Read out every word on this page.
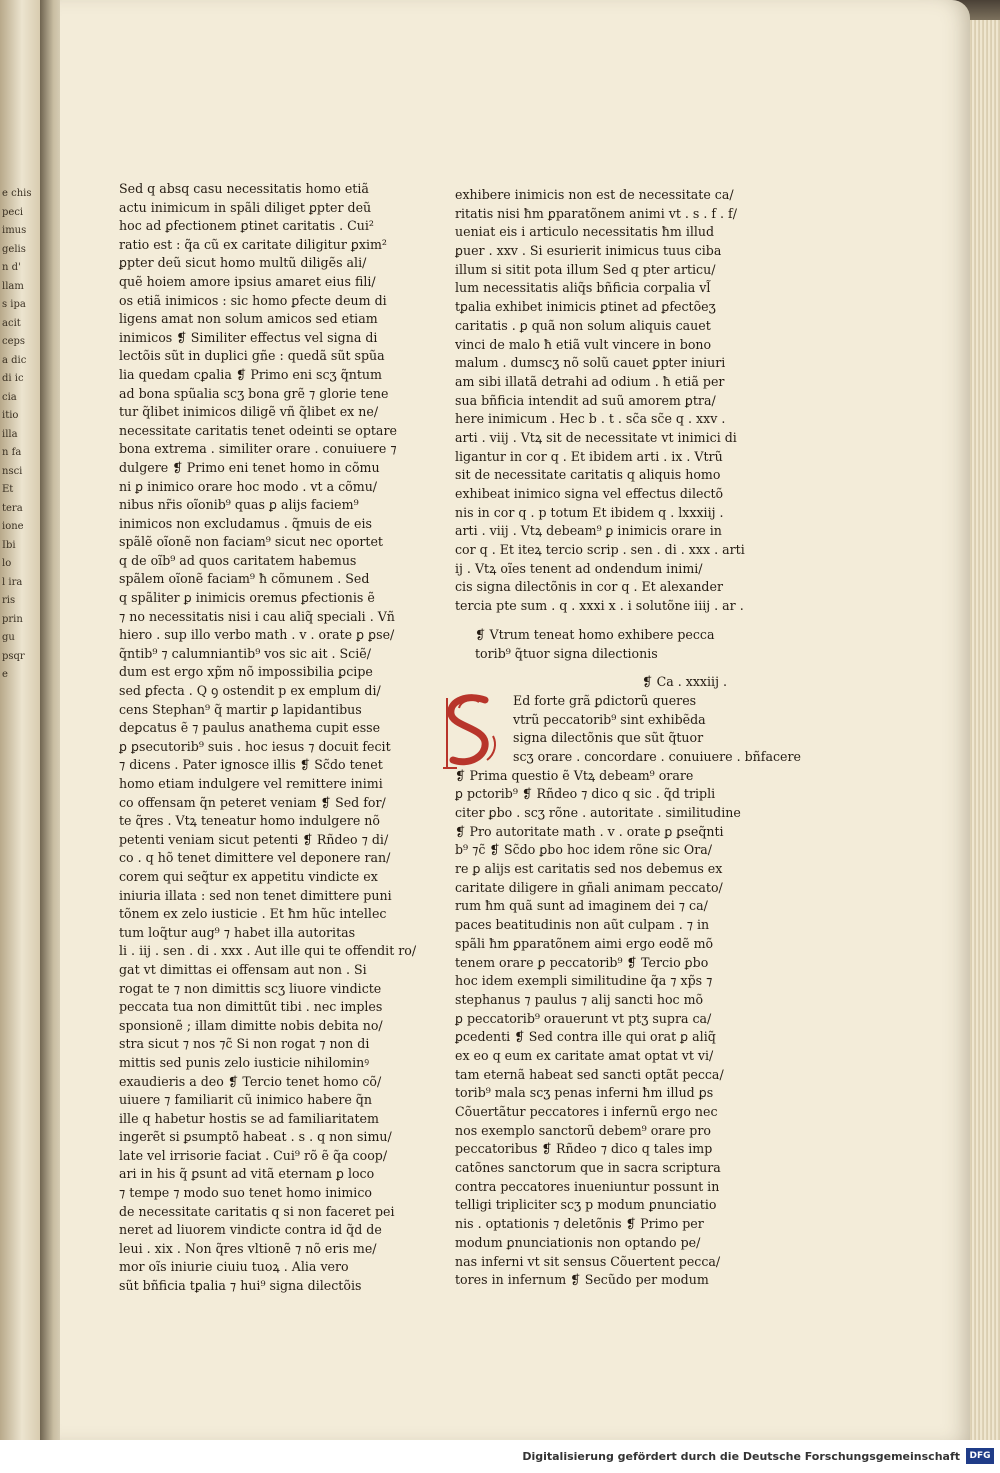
e chis
peci
imus
gelis
n d'
llam
s ipa
acit
ceps
a dic
di ic
cia
itio
illa
n fa
nsci
Et
tera
ione
Ibi
lo
l ira
ris
prin
gu
psqr
e
Sed q absq casu necessitatis homo etiã
actu inimicum in spãli diliget ꝑpter deũ
hoc ad ꝑfectionem ꝑtinet caritatis . Cui²
ratio est : q̃a cũ ex caritate diligitur ꝑxim²
ꝑpter deũ sicut homo multũ diligẽs ali/
quẽ hoiem amore ipsius amaret eius fili/
os etiã inimicos : sic homo ꝑfecte deum di
ligens amat non solum amicos sed etiam
inimicos ❡ Similiter effectus vel signa di
lectõis sũt in duplici gñe : quedã sũt spũa
lia quedam cꝑalia ❡ Primo eni scʒ q̃ntum
ad bona spũalia scʒ bona grẽ ⁊ glorie tene
tur q̃libet inimicos diligẽ vñ q̃libet ex ne/
necessitate caritatis tenet odeinti se optare
bona extrema . similiter orare . conuiuere ⁊
dulgere ❡ Primo eni tenet homo in cõmu
ni ꝑ inimico orare hoc modo . vt a cõmu/
nibus nr̃is oĩonib⁹ quas ꝑ alijs faciem⁹
inimicos non excludamus . q̃muis de eis
spãlẽ oĩonẽ non faciam⁹ sicut nec oportet
q de oĩb⁹ ad quos caritatem habemus
spãlem oĩonẽ faciam⁹ ħ cõmunem . Sed
q spãliter ꝑ inimicis oremus ꝑfectionis ẽ
⁊ no necessitatis nisi i cau aliq̃ speciali . Vñ
hiero . sup illo verbo math . v . orate ꝑ ꝑse/
q̃ntib⁹ ⁊ calumniantib⁹ vos sic ait . Sciẽ/
dum est ergo xp̃m nõ impossibilia ꝑcipe
sed ꝑfecta . Q ꝯ ostendit p ex emplum di/
cens Stephan⁹ q̃ martir ꝑ lapidantibus
deꝑcatus ẽ ⁊ paulus anathema cupit esse
ꝑ ꝑsecutorib⁹ suis . hoc iesus ⁊ docuit fecit
⁊ dicens . Pater ignosce illis ❡ Sc̃do tenet
homo etiam indulgere vel remittere inimi
co offensam q̃n peteret veniam ❡ Sed for/
te q̃res . Vtꝝ teneatur homo indulgere nõ
petenti veniam sicut petenti ❡ Rñdeo ⁊ di/
co . q hõ tenet dimittere vel deponere ran/
corem qui seq̃tur ex appetitu vindicte ex
iniuria illata : sed non tenet dimittere puni
tõnem ex zelo iusticie . Et ħm hũc intellec
tum loq̃tur aug⁹ ⁊ habet illa autoritas
li . iij . sen . di . xxx . Aut ille qui te offendit ro/
gat vt dimittas ei offensam aut non . Si
rogat te ⁊ non dimittis scʒ liuore vindicte
peccata tua non dimittũt tibi . nec imples
sponsionẽ ; illam dimitte nobis debita no/
stra sicut ⁊ nos ⁊c̃ Si non rogat ⁊ non di
mittis sed punis zelo iusticie nihilominꝰ
exaudieris a deo ❡ Tercio tenet homo cõ/
uiuere ⁊ familiarit cũ inimico habere q̃n
ille q habetur hostis se ad familiaritatem
ingerẽt si ꝑsumptõ habeat . s . q non simu/
late vel irrisorie faciat . Cui⁹ rõ ẽ q̃a coop/
ari in his q̃ ꝑsunt ad vitã eternam ꝑ loco
⁊ tempe ⁊ modo suo tenet homo inimico
de necessitate caritatis q si non faceret pei
neret ad liuorem vindicte contra id q̃d de
leui . xix . Non q̃res vltionẽ ⁊ nõ eris me/
mor oĩs iniurie ciuiu tuoꝝ . Alia vero
sũt bñficia tꝑalia ⁊ hui⁹ signa dilectõis
exhibere inimicis non est de necessitate ca/
ritatis nisi ħm ꝑparatõnem animi vt . s . f . f/
ueniat eis i articulo necessitatis ħm illud
ꝑuer . xxv . Si esurierit inimicus tuus ciba
illum si sitit pota illum Sed q pter articu/
lum necessitatis aliq̃s bñficia corpalia vl̃
tꝑalia exhibet inimicis ꝑtinet ad ꝑfectõeʒ
caritatis . ꝑ quã non solum aliquis cauet
vinci de malo ħ etiã vult vincere in bono
malum . dumscʒ nõ solũ cauet ꝑpter iniuri
am sibi illatã detrahi ad odium . ħ etiã per
sua bñficia intendit ad suũ amorem ꝑtra/
here inimicum . Hec b . t . sc̃a sc̃e q . xxv .
arti . viij . Vtꝝ sit de necessitate vt inimici di
ligantur in cor q . Et ibidem arti . ix . Vtrũ
sit de necessitate caritatis q aliquis homo
exhibeat inimico signa vel effectus dilectõ
nis in cor q . p totum Et ibidem q . lxxxiij .
arti . viij . Vtꝝ debeam⁹ ꝑ inimicis orare in
cor q . Et iteꝝ tercio scrip . sen . di . xxx . arti
ij . Vtꝝ oĩes tenent ad ondendum inimi/
cis signa dilectõnis in cor q . Et alexander
tercia pte sum . q . xxxi x . i solutõne iiij . ar .
❡ Vtrum teneat homo exhibere pecca
torib⁹ q̃tuor signa dilectionis
❡ Ca . xxxiij .
Ed forte grã ꝑdictorũ queres
vtrũ peccatorib⁹ sint exhibẽda
signa dilectõnis que sũt q̃tuor
scʒ orare . concordare . conuiuere . bñfacere
❡ Prima questio ẽ Vtꝝ debeam⁹ orare
ꝑ pctorib⁹ ❡ Rñdeo ⁊ dico q sic . q̃d tripli
citer ꝑbo . scʒ rõne . autoritate . similitudine
❡ Pro autoritate math . v . orate ꝑ ꝑseq̃nti
b⁹ ⁊c̃ ❡ Sc̃do ꝑbo hoc idem rõne sic Ora/
re ꝑ alijs est caritatis sed nos debemus ex
caritate diligere in gñali animam peccato/
rum ħm quã sunt ad imaginem dei ⁊ ca/
paces beatitudinis non aũt culpam . ⁊ in
spãli ħm ꝑparatõnem aimi ergo eodẽ mõ
tenem orare ꝑ peccatorib⁹ ❡ Tercio ꝑbo
hoc idem exempli similitudine q̃a ⁊ xp̃s ⁊
stephanus ⁊ paulus ⁊ alij sancti hoc mõ
ꝑ peccatorib⁹ orauerunt vt ptʒ supra ca/
ꝑcedenti ❡ Sed contra ille qui orat ꝑ aliq̃
ex eo q eum ex caritate amat optat vt vi/
tam eternã habeat sed sancti optãt pecca/
torib⁹ mala scʒ penas inferni ħm illud ꝑs
Cõuertãtur peccatores i infernũ ergo nec
nos exemplo sanctorũ debem⁹ orare pro
peccatoribus ❡ Rñdeo ⁊ dico q tales imp
catõnes sanctorum que in sacra scriptura
contra peccatores inueniuntur possunt in
telligi tripliciter scʒ p modum ꝑnunciatio
nis . optationis ⁊ deletõnis ❡ Primo per
modum ꝑnunciationis non optando pe/
nas inferni vt sit sensus Cõuertent pecca/
tores in infernum ❡ Secũdo per modum
Digitalisierung gefördert durch die Deutsche Forschungsgemeinschaft	DFG
